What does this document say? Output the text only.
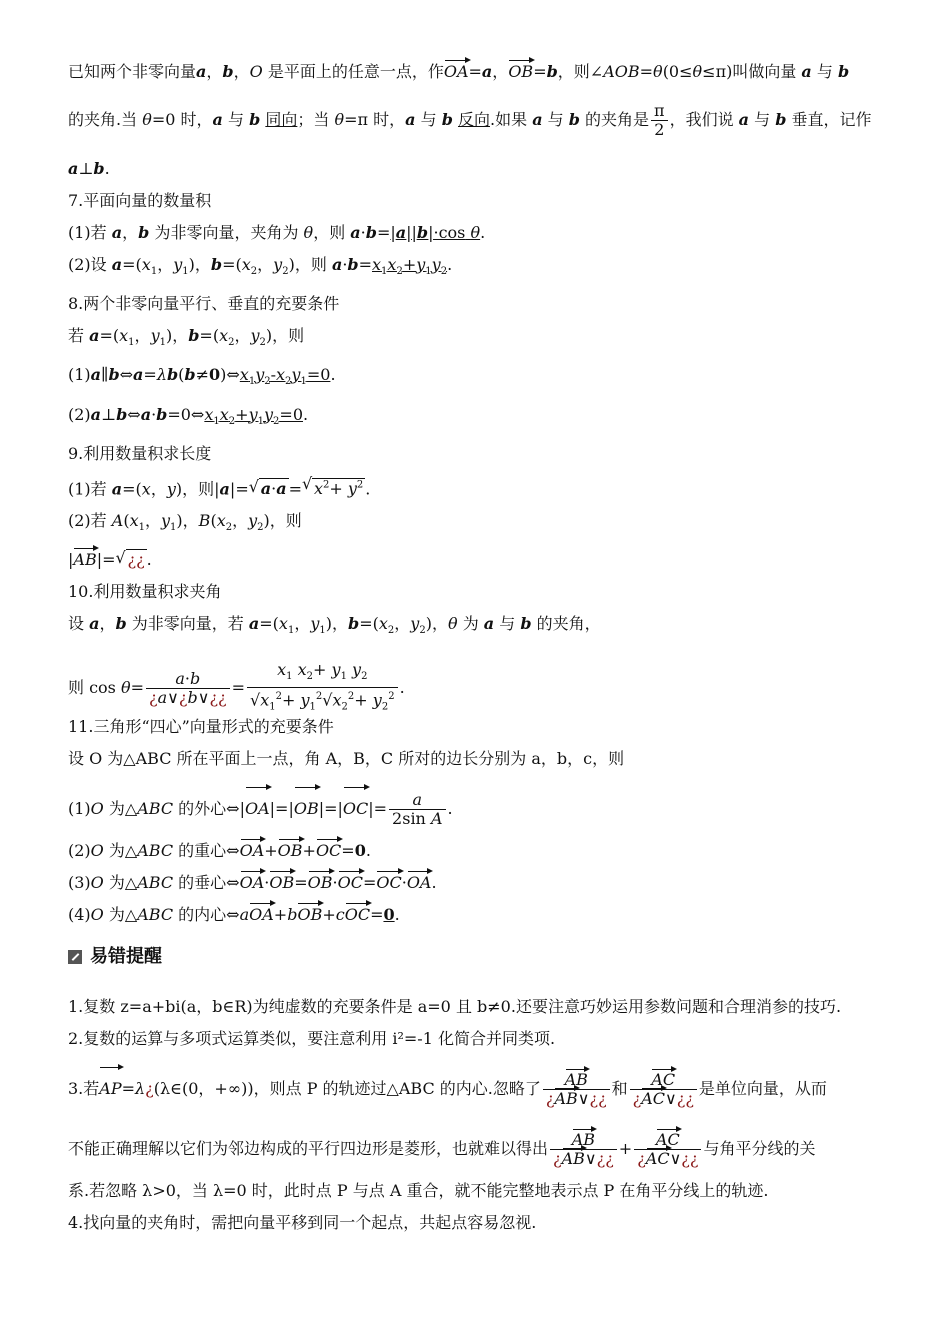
已知两个非零向量a，b，O 是平面上的任意一点，作OA=a，OB=b，则∠AOB=θ(0≤θ≤π)叫做向量 a 与 b
的夹角.当 θ=0 时，a 与 b 同向；当 θ=π 时，a 与 b 反向.如果 a 与 b 的夹角是 $\frac{\pi}{2}$ ，我们说 a 与 b 垂直，记作
a⊥b.
7.平面向量的数量积
(1)若 a，b 为非零向量，夹角为 θ，则 a·b=|a||b|·cos θ.
(2)设 $a=(x_1$，$y_1$)，$b=(x_2$，$y_2$)，则 $a\cdot b=x_1x_2+y_1y_2$.
8.两个非零向量平行、垂直的充要条件
若 $a=(x_1$，$y_1$)，$b=(x_2$，$y_2$)，则
$(1)a\parallel b\Leftrightarrow a=\lambda b(b\ne 0)\Leftrightarrow x_1y_2-x_2y_1=0$.
$(2)a\perp b\Leftrightarrow a\cdot b=0\Leftrightarrow x_1x_2+y_1y_2=0$.
9.利用数量积求长度
(1)若 a=(x，y)，则|a|= √ a·a = √ $x^2+ y^2$ .
(2)若 $A(x_1$，$y_1$)，$B(x_2$，$y_2$)，则
|AB|= √ ¿¿ .
10.利用数量积求夹角
设 a，b 为非零向量，若 $a=(x_1$，$y_1$)，$b=(x_2$，$y_2$)，θ 为 a 与 b 的夹角，
则 $\cos \theta= \frac{a\cdot b}{¿a\vee¿b\vee¿¿} = \frac{x_1 x_2+ y_1 y_2}{√x_1^2+ y_1^2√x_2^2+ y_2^2}$ .
11.三角形“四心”向量形式的充要条件
设 O 为△ABC 所在平面上一点，角 A，B，C 所对的边长分别为 a，b，c，则
(1)O 为△ABC 的外心⇔|OA|=|OB|=|OC|= $\frac{a}{\text{2sin A}}$ .
(2)O 为△ABC 的重心⇔OA+OB+OC=0.
(3)O 为△ABC 的垂心⇔OA·OB=OB·OC=OC·OA.
(4)O 为△ABC 的内心⇔aOA+bOB+cOC=0.
易错提醒
1.复数 z=a+bi(a，b∈R)为纯虚数的充要条件是 a=0 且 b≠0.还要注意巧妙运用参数问题和合理消参的技巧.
2.复数的运算与多项式运算类似，要注意利用 i²=-1 化简合并同类项.
3.若AP=λ¿(λ∈(0，+∞))，则点 P 的轨迹过△ABC 的内心.忽略了 $\frac{AB}{¿AB\vee¿¿}$ 和 $\frac{AC}{¿AC\vee¿¿}$ 是单位向量，从而
不能正确理解以它们为邻边构成的平行四边形是菱形，也就难以得出 $\frac{AB}{¿AB\vee¿¿} + \frac{AC}{¿AC\vee¿¿}$ 与角平分线的关
系.若忽略 λ>0，当 λ=0 时，此时点 P 与点 A 重合，就不能完整地表示点 P 在角平分线上的轨迹.
4.找向量的夹角时，需把向量平移到同一个起点，共起点容易忽视.
